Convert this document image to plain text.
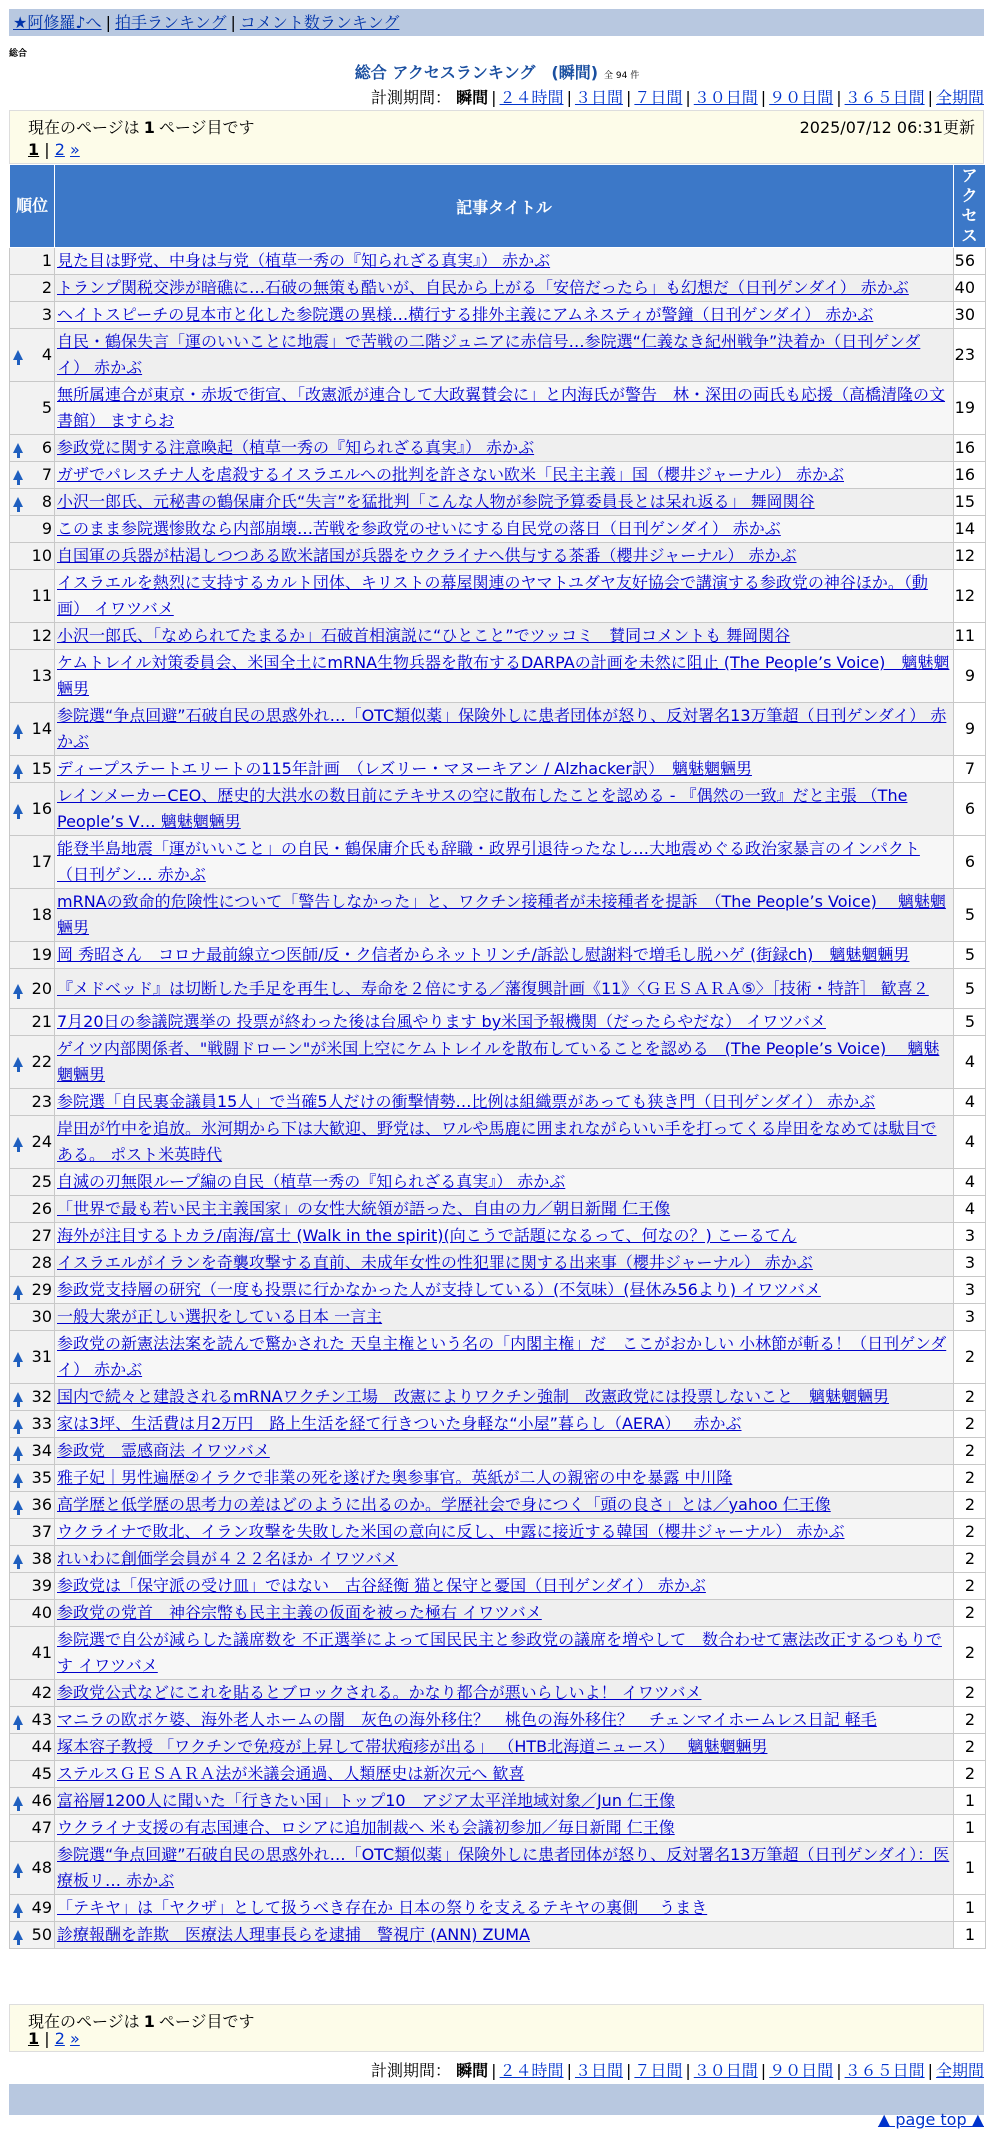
★阿修羅♪へ | 拍手ランキング | コメント数ランキング
総合
総合 アクセスランキング　(瞬間) 全 94 件
計測期間： 瞬間 | ２４時間 | ３日間 | ７日間 | ３０日間 | ９０日間 | ３６５日間 | 全期間
現在のページは 1 ページ目です	2025/07/12 06:31更新
1 | 2 »
順位	記事タイトル	アクセス
1	見た目は野党、中身は与党（植草一秀の『知られざる真実』） 赤かぶ	56
2	トランプ関税交渉が暗礁に…石破の無策も酷いが、自民から上がる「安倍だったら」も幻想だ（日刊ゲンダイ） 赤かぶ	40
3	ヘイトスピーチの見本市と化した参院選の異様…横行する排外主義にアムネスティが警鐘（日刊ゲンダイ） 赤かぶ	30

4	自民・鶴保失言「運のいいことに地震」で苦戦の二階ジュニアに赤信号…参院選“仁義なき紀州戦争”決着か（日刊ゲンダイ） 赤かぶ	23
5	無所属連合が東京・赤坂で街宣、「改憲派が連合して大政翼賛会に」と内海氏が警告　林・深田の両氏も応援（高橋清隆の文書館） ますらお	19

6	参政党に関する注意喚起（植草一秀の『知られざる真実』） 赤かぶ	16

7	ガザでパレスチナ人を虐殺するイスラエルへの批判を許さない欧米「民主主義」国（櫻井ジャーナル） 赤かぶ	16

8	小沢一郎氏、元秘書の鶴保庸介氏“失言”を猛批判「こんな人物が参院予算委員長とは呆れ返る」 舞岡関谷	15
9	このまま参院選惨敗なら内部崩壊…苦戦を参政党のせいにする自民党の落日（日刊ゲンダイ） 赤かぶ	14
10	自国軍の兵器が枯渇しつつある欧米諸国が兵器をウクライナへ供与する茶番（櫻井ジャーナル） 赤かぶ	12
11	イスラエルを熱烈に支持するカルト団体、キリストの幕屋関連のヤマトユダヤ友好協会で講演する参政党の神谷ほか。（動画） イワツバメ	12
12	小沢一郎氏、「なめられてたまるか」石破首相演説に“ひとこと”でツッコミ　賛同コメントも 舞岡関谷	11
13	ケムトレイル対策委員会、米国全土にmRNA生物兵器を散布するDARPAの計画を未然に阻止 (The People’s Voice)　魑魅魍魎男	9

14	参院選“争点回避”石破自民の思惑外れ…「OTC類似薬」保険外しに患者団体が怒り、反対署名13万筆超（日刊ゲンダイ） 赤かぶ	9

15	ディープステートエリートの115年計画　（レズリー・マヌーキアン / Alzhacker訳）　魑魅魍魎男	7

16	レインメーカーCEO、歴史的大洪水の数日前にテキサスの空に散布したことを認める - 『偶然の一致』だと主張 （The People’s V… 魑魅魍魎男	6
17	能登半島地震「運がいいこと」の自民・鶴保庸介氏も辞職・政界引退待ったなし…大地震めぐる政治家暴言のインパクト（日刊ゲン… 赤かぶ	6
18	mRNAの致命的危険性について「警告しなかった」と、ワクチン接種者が未接種者を提訴　（The People’s Voice)　 魑魅魍魎男	5
19	岡 秀昭さん　コロナ最前線立つ医師/反・ク信者からネットリンチ/訴訟し慰謝料で増毛し脱ハゲ (街録ch)　魑魅魍魎男	5

20	『メドベッド』は切断した手足を再生し、寿命を２倍にする／藩復興計画《11》〈ＧＥＳＡＲＡ⑤〉［技術・特許］ 歓喜２	5
21	7月20日の参議院選挙の 投票が終わった後は台風やります by米国予報機関（だったらやだな） イワツバメ	5

22	ゲイツ内部関係者、"戦闘ドローン"が米国上空にケムトレイルを散布していることを認める　(The People’s Voice)　 魑魅魍魎男	4
23	参院選「自民裏金議員15人」で当確5人だけの衝撃情勢…比例は組織票があっても狭き門（日刊ゲンダイ） 赤かぶ	4

24	岸田が竹中を追放。氷河期から下は大歓迎、野党は、ワルや馬鹿に囲まれながらいい手を打ってくる岸田をなめては駄目である。 ポスト米英時代	4
25	自滅の刃無限ループ編の自民（植草一秀の『知られざる真実』） 赤かぶ	4
26	「世界で最も若い民主主義国家」の女性大統領が語った、自由の力／朝日新聞 仁王像	4
27	海外が注目するトカラ/南海/富士 (Walk in the spirit)(向こうで話題になるって、何なの？) こーるてん	3
28	イスラエルがイランを奇襲攻撃する直前、未成年女性の性犯罪に関する出来事（櫻井ジャーナル） 赤かぶ	3

29	参政党支持層の研究（一度も投票に行かなかった人が支持している）(不気味）(昼休み56より) イワツバメ	3
30	一般大衆が正しい選択をしている日本 一言主	3

31	参政党の新憲法法案を読んで驚かされた 天皇主権という名の「内閣主権」だ　ここがおかしい 小林節が斬る！（日刊ゲンダイ） 赤かぶ	2

32	国内で続々と建設されるmRNAワクチン工場　改憲によりワクチン強制　改憲政党には投票しないこと　魑魅魍魎男	2

33	家は3坪、生活費は月2万円　路上生活を経て行きついた身軽な“小屋”暮らし（AERA）　 赤かぶ	2

34	参政党　霊感商法 イワツバメ	2

35	雅子妃｜男性遍歴②イラクで非業の死を遂げた奥参事官。英紙が二人の親密の中を暴露 中川隆	2

36	高学歴と低学歴の思考力の差はどのように出るのか。学歴社会で身につく「頭の良さ」とは／yahoo 仁王像	2
37	ウクライナで敗北、イラン攻撃を失敗した米国の意向に反し、中露に接近する韓国（櫻井ジャーナル） 赤かぶ	2

38	れいわに創価学会員が４２２名ほか イワツバメ	2
39	参政党は「保守派の受け皿」ではない　古谷経衡 猫と保守と憂国（日刊ゲンダイ） 赤かぶ	2
40	参政党の党首　神谷宗幣も民主主義の仮面を被った極右 イワツバメ	2
41	参院選で自公が減らした議席数を 不正選挙によって国民民主と参政党の議席を増やして　数合わせて憲法改正するつもりです イワツバメ	2
42	参政党公式などにこれを貼るとブロックされる。かなり都合が悪いらしいよ！ イワツバメ	2

43	マニラの欧ボケ婆、海外老人ホームの闇　灰色の海外移住？　桃色の海外移住？　チェンマイホームレス日記 軽毛	2
44	塚本容子教授 「ワクチンで免疫が上昇して帯状疱疹が出る」 （HTB北海道ニュース）　 魑魅魍魎男	2
45	ステルスＧＥＳＡＲＡ法が米議会通過、人類歴史は新次元へ 歓喜	2

46	富裕層1200人に聞いた「行きたい国」トップ10　アジア太平洋地域対象／Jun 仁王像	1
47	ウクライナ支援の有志国連合、ロシアに追加制裁へ 米も会議初参加／毎日新聞 仁王像	1

48	参院選“争点回避”石破自民の思惑外れ…「OTC類似薬」保険外しに患者団体が怒り、反対署名13万筆超（日刊ゲンダイ）：医療板リ… 赤かぶ	1

49	「テキヤ」は「ヤクザ」として扱うべき存在か 日本の祭りを支えるテキヤの裏側　 うまき	1

50	診療報酬を詐欺　医療法人理事長らを逮捕　警視庁 (ANN) ZUMA	1
現在のページは 1 ページ目です
1 | 2 »
計測期間： 瞬間 | ２４時間 | ３日間 | ７日間 | ３０日間 | ９０日間 | ３６５日間 | 全期間
▲ page top ▲
